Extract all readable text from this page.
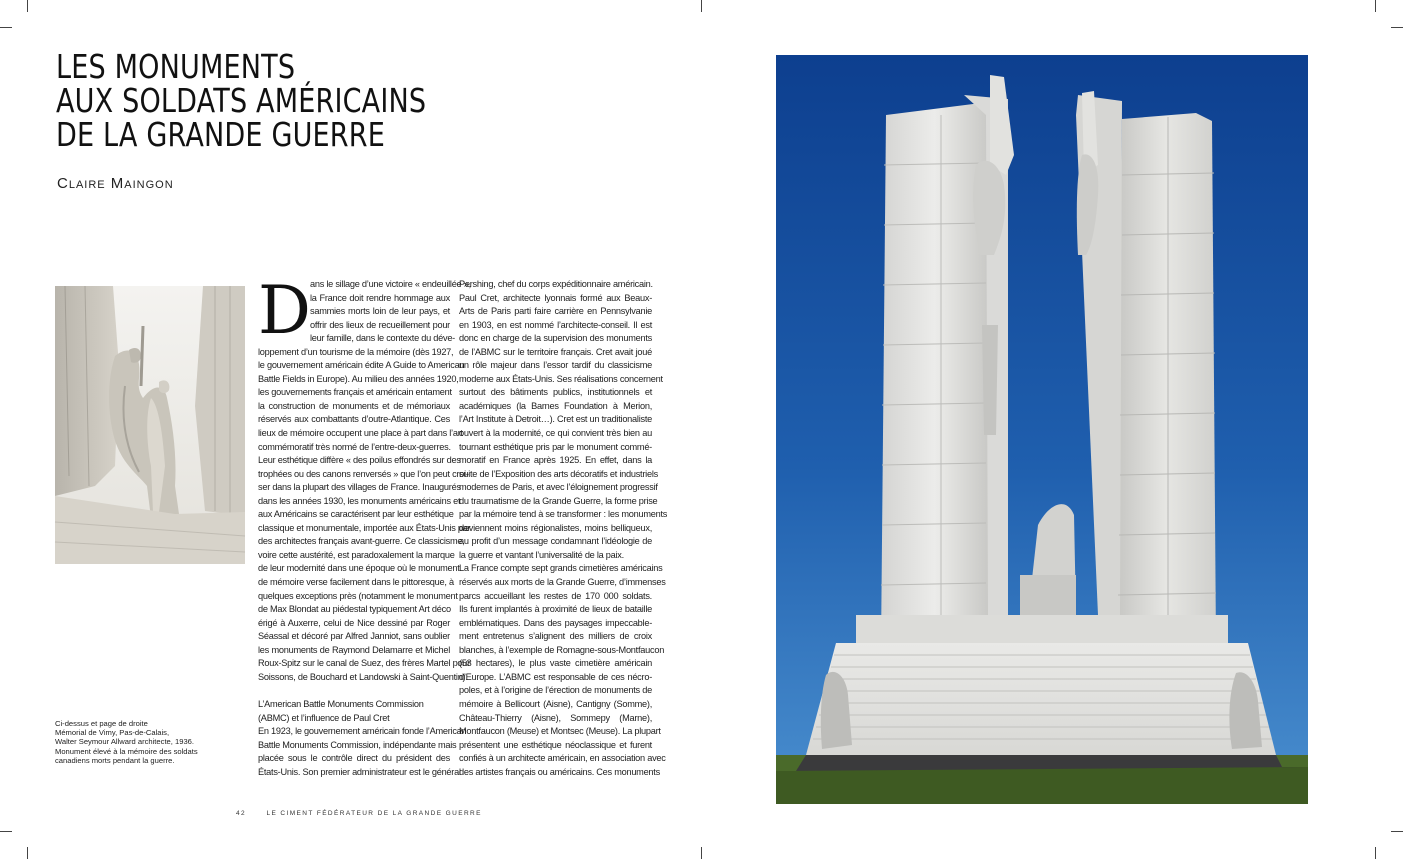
LES MONUMENTS
AUX SOLDATS AMÉRICAINS
DE LA GRANDE GUERRE
Claire Maingon
Ci-dessus et page de droite
Mémorial de Vimy, Pas-de-Calais,
Walter Seymour Allward architecte, 1936.
Monument élevé à la mémoire des soldats
canadiens morts pendant la guerre.
D ans le sillage d’une victoire « endeuillée »,
la France doit rendre hommage aux
sammies morts loin de leur pays, et
offrir des lieux de recueillement pour
leur famille, dans le contexte du déve-
loppement d’un tourisme de la mémoire (dès 1927,
le gouvernement américain édite A Guide to American
Battle Fields in Europe). Au milieu des années 1920,
les gouvernements français et américain entament
la construction de monuments et de mémoriaux
réservés aux combattants d’outre-Atlantique. Ces
lieux de mémoire occupent une place à part dans l’art
commémoratif très normé de l’entre-deux-guerres.
Leur esthétique diffère « des poilus effondrés sur des
trophées ou des canons renversés » que l’on peut croi-
ser dans la plupart des villages de France. Inaugurés
dans les années 1930, les monuments américains et
aux Américains se caractérisent par leur esthétique
classique et monumentale, importée aux États-Unis par
des architectes français avant-guerre. Ce classicisme,
voire cette austérité, est paradoxalement la marque
de leur modernité dans une époque où le monument
de mémoire verse facilement dans le pittoresque, à
quelques exceptions près (notamment le monument
de Max Blondat au piédestal typiquement Art déco
érigé à Auxerre, celui de Nice dessiné par Roger
Séassal et décoré par Alfred Janniot, sans oublier
les monuments de Raymond Delamarre et Michel
Roux-Spitz sur le canal de Suez, des frères Martel pour
Soissons, de Bouchard et Landowski à Saint-Quentin).
L’American Battle Monuments Commission
(ABMC) et l’influence de Paul Cret
En 1923, le gouvernement américain fonde l’American
Battle Monuments Commission, indépendante mais
placée sous le contrôle direct du président des
États-Unis. Son premier administrateur est le général
Pershing, chef du corps expéditionnaire américain.
Paul Cret, architecte lyonnais formé aux Beaux-
Arts de Paris parti faire carrière en Pennsylvanie
en 1903, en est nommé l’architecte-conseil. Il est
donc en charge de la supervision des monuments
de l’ABMC sur le territoire français. Cret avait joué
un rôle majeur dans l’essor tardif du classicisme
moderne aux États-Unis. Ses réalisations concernent
surtout des bâtiments publics, institutionnels et
académiques (la Barnes Foundation à Merion,
l’Art Institute à Detroit…). Cret est un traditionaliste
ouvert à la modernité, ce qui convient très bien au
tournant esthétique pris par le monument commé-
moratif en France après 1925. En effet, dans la
suite de l’Exposition des arts décoratifs et industriels
modernes de Paris, et avec l’éloignement progressif
du traumatisme de la Grande Guerre, la forme prise
par la mémoire tend à se transformer : les monuments
deviennent moins régionalistes, moins belliqueux,
au profit d’un message condamnant l’idéologie de
la guerre et vantant l’universalité de la paix.
La France compte sept grands cimetières américains
réservés aux morts de la Grande Guerre, d’immenses
parcs accueillant les restes de 170 000 soldats.
Ils furent implantés à proximité de lieux de bataille
emblématiques. Dans des paysages impeccable-
ment entretenus s’alignent des milliers de croix
blanches, à l’exemple de Romagne-sous-Montfaucon
(53 hectares), le plus vaste cimetière américain
d’Europe. L’ABMC est responsable de ces nécro-
poles, et à l’origine de l’érection de monuments de
mémoire à Bellicourt (Aisne), Cantigny (Somme),
Château-Thierry (Aisne), Sommepy (Marne),
Montfaucon (Meuse) et Montsec (Meuse). La plupart
présentent une esthétique néoclassique et furent
confiés à un architecte américain, en association avec
des artistes français ou américains. Ces monuments
42	LE CIMENT FÉDÉRATEUR DE LA GRANDE GUERRE
